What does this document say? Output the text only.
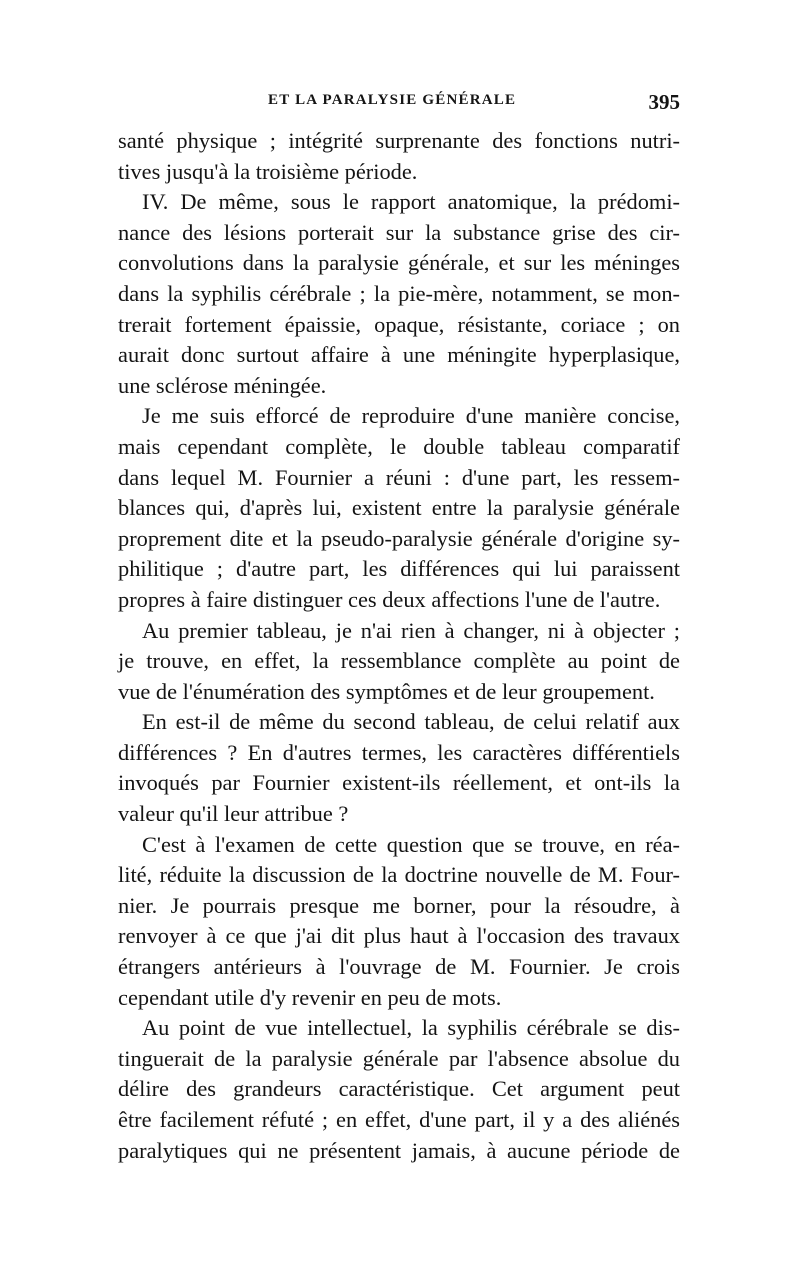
ET LA PARALYSIE GÉNÉRALE	395
santé physique ; intégrité surprenante des fonctions nutri-
tives jusqu'à la troisième période.
IV. De même, sous le rapport anatomique, la prédomi-
nance des lésions porterait sur la substance grise des cir-
convolutions dans la paralysie générale, et sur les méninges
dans la syphilis cérébrale ; la pie-mère, notamment, se mon-
trerait fortement épaissie, opaque, résistante, coriace ; on
aurait donc surtout affaire à une méningite hyperplasique,
une sclérose méningée.
Je me suis efforcé de reproduire d'une manière concise,
mais cependant complète, le double tableau comparatif
dans lequel M. Fournier a réuni : d'une part, les ressem-
blances qui, d'après lui, existent entre la paralysie générale
proprement dite et la pseudo-paralysie générale d'origine sy-
philitique ; d'autre part, les différences qui lui paraissent
propres à faire distinguer ces deux affections l'une de l'autre.
Au premier tableau, je n'ai rien à changer, ni à objecter ;
je trouve, en effet, la ressemblance complète au point de
vue de l'énumération des symptômes et de leur groupement.
En est-il de même du second tableau, de celui relatif aux
différences ? En d'autres termes, les caractères différentiels
invoqués par Fournier existent-ils réellement, et ont-ils la
valeur qu'il leur attribue ?
C'est à l'examen de cette question que se trouve, en réa-
lité, réduite la discussion de la doctrine nouvelle de M. Four-
nier. Je pourrais presque me borner, pour la résoudre, à
renvoyer à ce que j'ai dit plus haut à l'occasion des travaux
étrangers antérieurs à l'ouvrage de M. Fournier. Je crois
cependant utile d'y revenir en peu de mots.
Au point de vue intellectuel, la syphilis cérébrale se dis-
tinguerait de la paralysie générale par l'absence absolue du
délire des grandeurs caractéristique. Cet argument peut
être facilement réfuté ; en effet, d'une part, il y a des aliénés
paralytiques qui ne présentent jamais, à aucune période de
